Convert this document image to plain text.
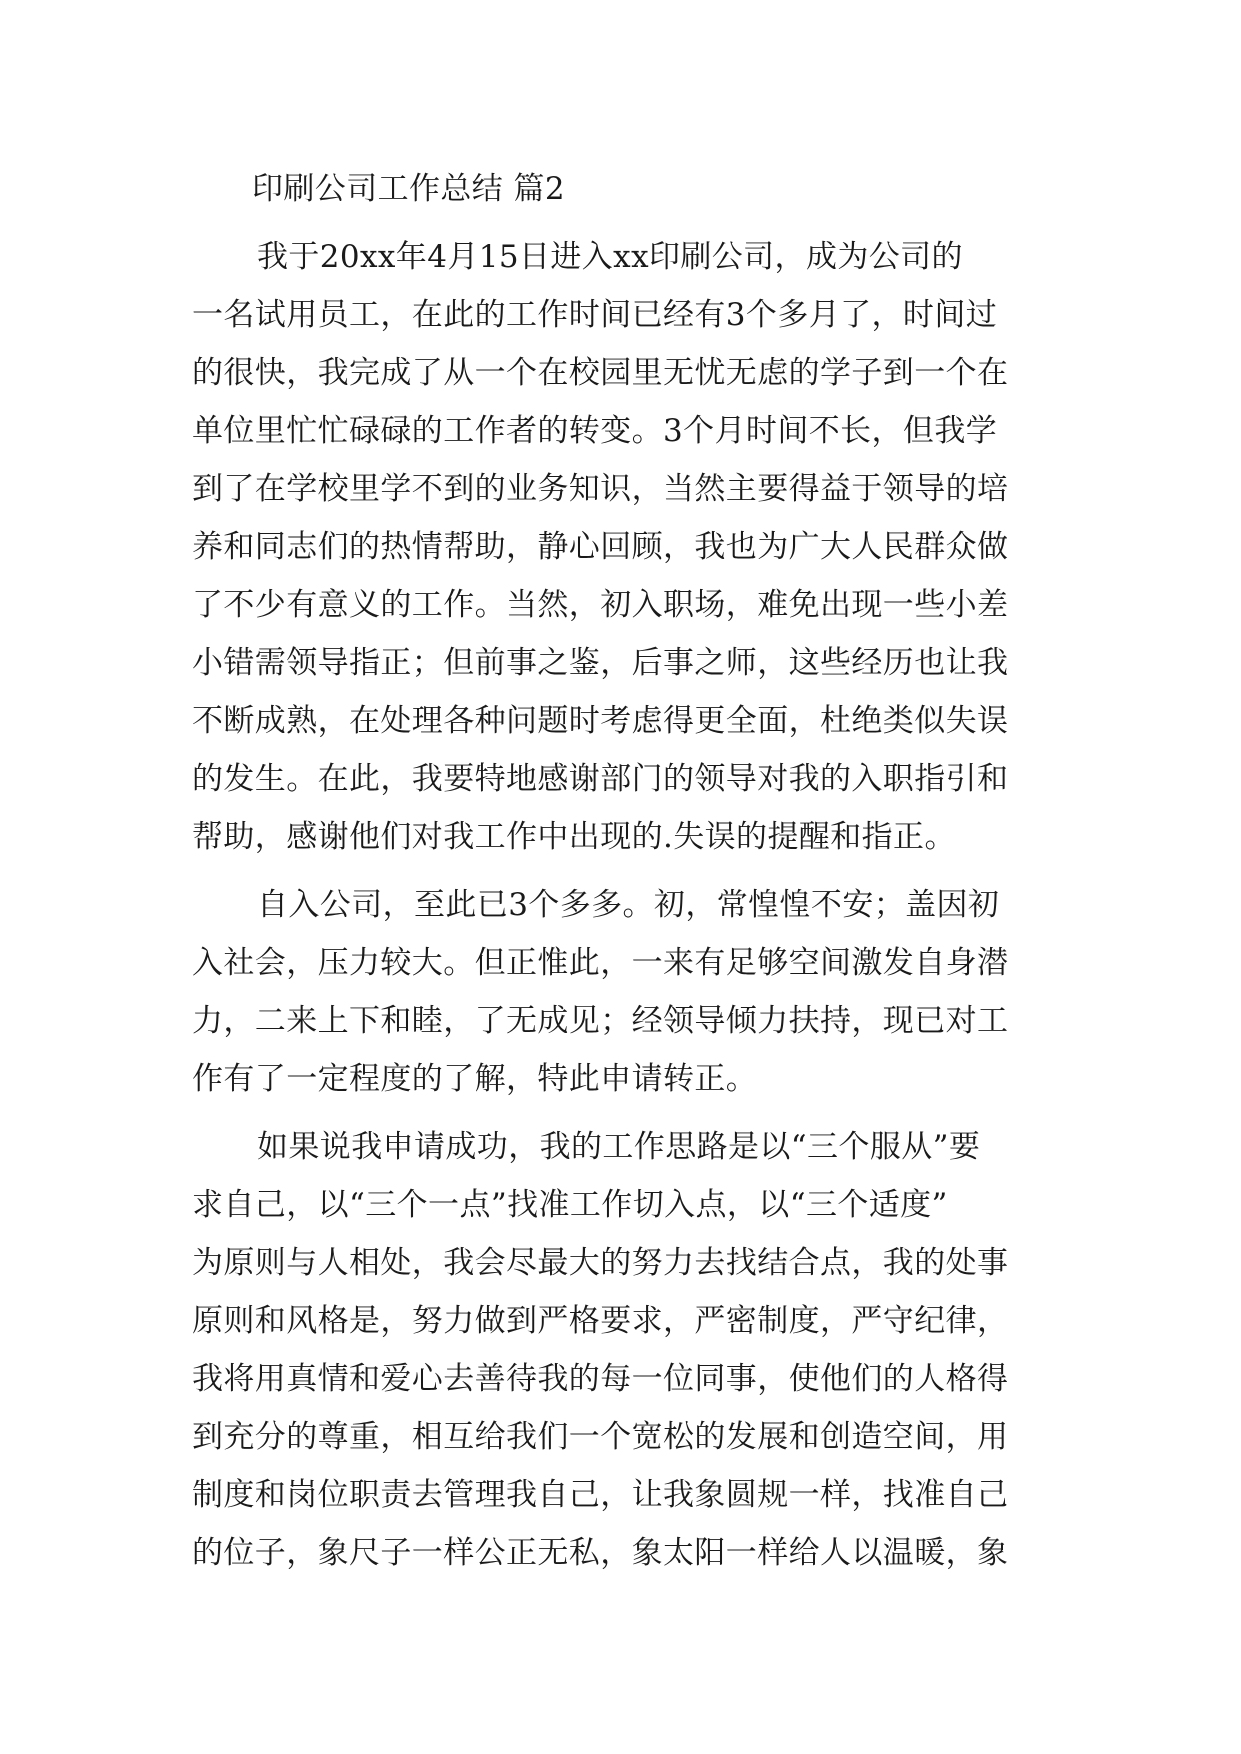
印刷公司工作总结 篇2

我于20xx年4月15日进入xx印刷公司，成为公司的
一名试用员工，在此的工作时间已经有3个多月了，时间过
的很快，我完成了从一个在校园里无忧无虑的学子到一个在
单位里忙忙碌碌的工作者的转变。3个月时间不长，但我学
到了在学校里学不到的业务知识，当然主要得益于领导的培
养和同志们的热情帮助，静心回顾，我也为广大人民群众做
了不少有意义的工作。当然，初入职场，难免出现一些小差
小错需领导指正；但前事之鉴，后事之师，这些经历也让我
不断成熟，在处理各种问题时考虑得更全面，杜绝类似失误
的发生。在此，我要特地感谢部门的领导对我的入职指引和
帮助，感谢他们对我工作中出现的.失误的提醒和指正。

自入公司，至此已3个多多。初，常惶惶不安；盖因初
入社会，压力较大。但正惟此，一来有足够空间激发自身潜
力，二来上下和睦，了无成见；经领导倾力扶持，现已对工
作有了一定程度的了解，特此申请转正。

如果说我申请成功，我的工作思路是以“三个服从”要
求自己，以“三个一点”找准工作切入点，以“三个适度”
为原则与人相处，我会尽最大的努力去找结合点，我的处事
原则和风格是，努力做到严格要求，严密制度，严守纪律，
我将用真情和爱心去善待我的每一位同事，使他们的人格得
到充分的尊重，相互给我们一个宽松的发展和创造空间，用
制度和岗位职责去管理我自己，让我象圆规一样，找准自己
的位子，象尺子一样公正无私，象太阳一样给人以温暖，象
